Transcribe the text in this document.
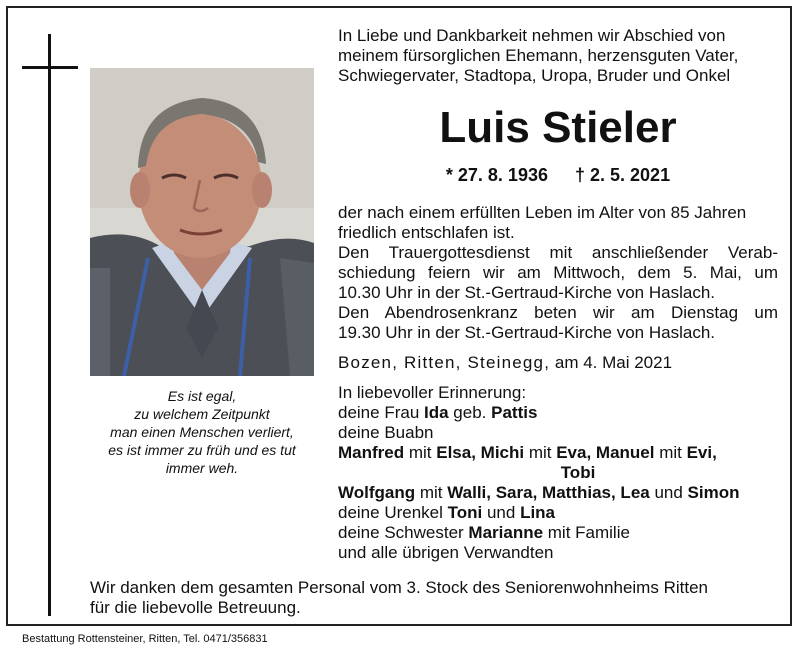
Es ist egal,
zu welchem Zeitpunkt
man einen Menschen verliert,
es ist immer zu früh und es tut
immer weh.
In Liebe und Dankbarkeit nehmen wir Abschied von
meinem fürsorglichen Ehemann, herzensguten Vater,
Schwiegervater, Stadtopa, Uropa, Bruder und Onkel
Luis Stieler
* 27. 8. 1936 † 2. 5. 2021
der nach einem erfüllten Leben im Alter von 85 Jahren
friedlich entschlafen ist.
Den Trauergottesdienst mit anschließender Verab-
schiedung feiern wir am Mittwoch, dem 5. Mai, um
10.30 Uhr in der St.-Gertraud-Kirche von Haslach.
Den Abendrosenkranz beten wir am Dienstag um
19.30 Uhr in der St.-Gertraud-Kirche von Haslach.
Bozen, Ritten, Steinegg, am 4. Mai 2021
In liebevoller Erinnerung:
deine Frau Ida geb. Pattis
deine Buabn
Manfred mit Elsa, Michi mit Eva, Manuel mit Evi,
Tobi
Wolfgang mit Walli, Sara, Matthias, Lea und Simon
deine Urenkel Toni und Lina
deine Schwester Marianne mit Familie
und alle übrigen Verwandten
Wir danken dem gesamten Personal vom 3. Stock des Seniorenwohnheims Ritten
für die liebevolle Betreuung.
Bestattung Rottensteiner, Ritten, Tel. 0471/356831
